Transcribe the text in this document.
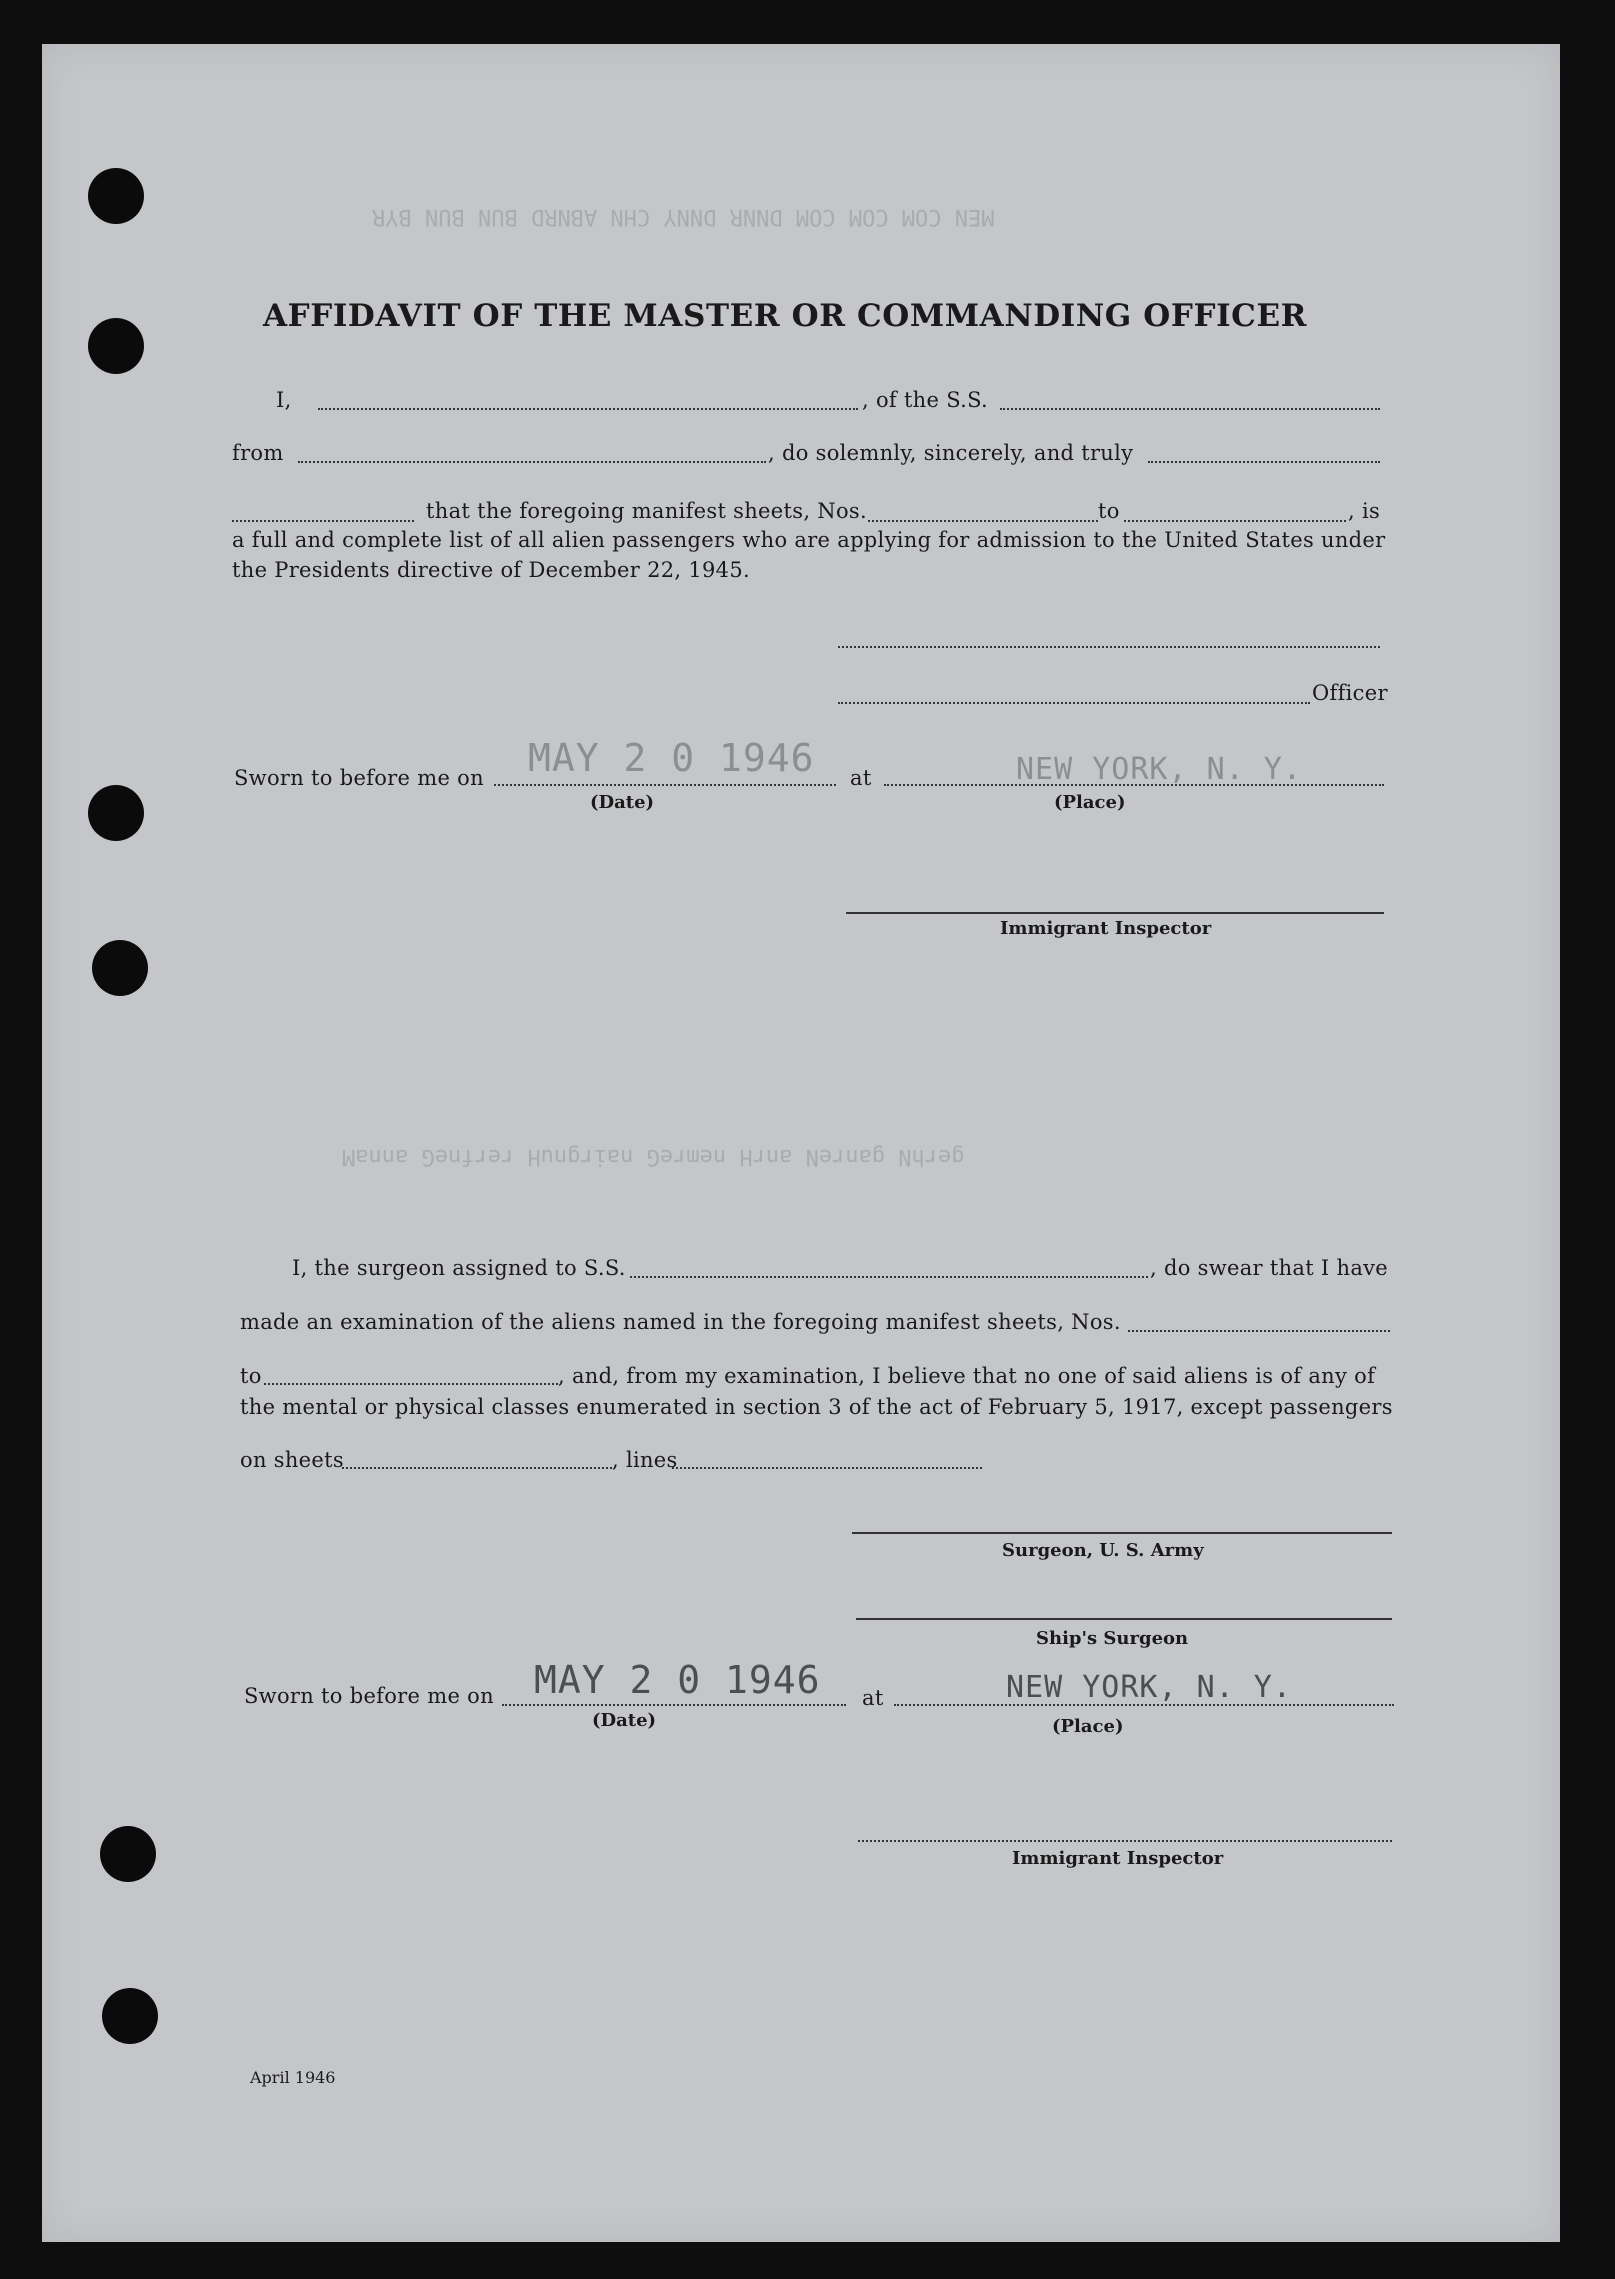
MEN COM COM COM DNNR DNNY CHN ABNRD BUN BUN BYR
gerhN ganreN anrH nemreG nairgnuH rerfneG annaM
AFFIDAVIT OF THE MASTER OR COMMANDING OFFICER
I,	, of the S.S.
from	, do solemnly, sincerely, and truly
that the foregoing manifest sheets, Nos.	to	, is
a full and complete list of all alien passengers who are applying for admission to the United States under
the Presidents directive of December 22, 1945.
Officer
Sworn to before me on MAY 2 0 1946 at	NEW YORK, N. Y.
(Date)	(Place)
Immigrant Inspector
I, the surgeon assigned to S.S.	, do swear that I have
made an examination of the aliens named in the foregoing manifest sheets, Nos.
to	, and, from my examination, I believe that no one of said aliens is of any of
the mental or physical classes enumerated in section 3 of the act of February 5, 1917, except passengers
on sheets	, lines
Surgeon, U. S. Army
Ship's Surgeon
Sworn to before me on MAY 2 0 1946 at	NEW YORK, N. Y.
(Date)	(Place)
Immigrant Inspector
April 1946
